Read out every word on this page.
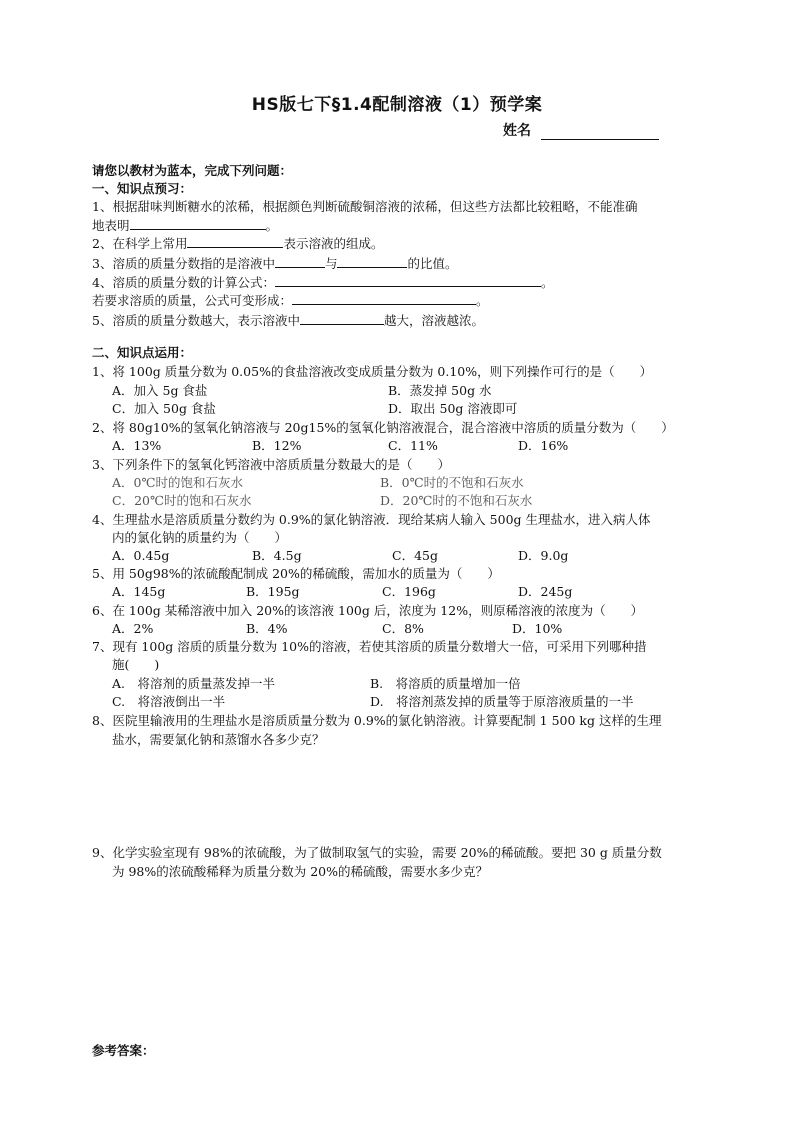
HS版七下§1.4配制溶液（1）预学案
姓名
请您以教材为蓝本，完成下列问题：
一、知识点预习：
1、根据甜味判断糖水的浓稀，根据颜色判断硫酸铜溶液的浓稀，但这些方法都比较粗略，不能准确
地表明	。
2、在科学上常用	表示溶液的组成。
3、溶质的质量分数指的是溶液中	与	的比值。
4、溶质的质量分数的计算公式：	。
若要求溶质的质量，公式可变形成：	。
5、溶质的质量分数越大，表示溶液中	越大，溶液越浓。
二、知识点运用：
1、将 100g 质量分数为 0.05%的食盐溶液改变成质量分数为 0.10%，则下列操作可行的是（　　）
A．加入 5g 食盐	B．蒸发掉 50g 水
C．加入 50g 食盐	D．取出 50g 溶液即可
2、将 80g10%的氢氧化钠溶液与 20g15%的氢氧化钠溶液混合，混合溶液中溶质的质量分数为（　　）
A．13%	B．12%	C．11%	D．16%
3、下列条件下的氢氧化钙溶液中溶质质量分数最大的是（　　）
A．0℃时的饱和石灰水	B．0℃时的不饱和石灰水
C．20℃时的饱和石灰水	D．20℃时的不饱和石灰水
4、生理盐水是溶质质量分数约为 0.9%的氯化钠溶液．现给某病人输入 500g 生理盐水，进入病人体
内的氯化钠的质量约为（　　）
A．0.45g	B．4.5g	C．45g	D．9.0g
5、用 50g98%的浓硫酸配制成 20%的稀硫酸，需加水的质量为（　　）
A．145g	B．195g	C．196g	D．245g
6、在 100g 某稀溶液中加入 20%的该溶液 100g 后，浓度为 12%，则原稀溶液的浓度为（　　）
A．2%	B．4%	C．8%	D．10%
7、现有 100g 溶质的质量分数为 10%的溶液，若使其溶质的质量分数增大一倍，可采用下列哪种措
施(　　)
A.　将溶剂的质量蒸发掉一半	B.　将溶质的质量增加一倍
C.　将溶液倒出一半	D.　将溶剂蒸发掉的质量等于原溶液质量的一半
8、医院里输液用的生理盐水是溶质质量分数为 0.9%的氯化钠溶液。计算要配制 1 500 kg 这样的生理
盐水，需要氯化钠和蒸馏水各多少克？
9、化学实验室现有 98%的浓硫酸，为了做制取氢气的实验，需要 20%的稀硫酸。要把 30 g 质量分数
为 98%的浓硫酸稀释为质量分数为 20%的稀硫酸，需要水多少克？
参考答案：
